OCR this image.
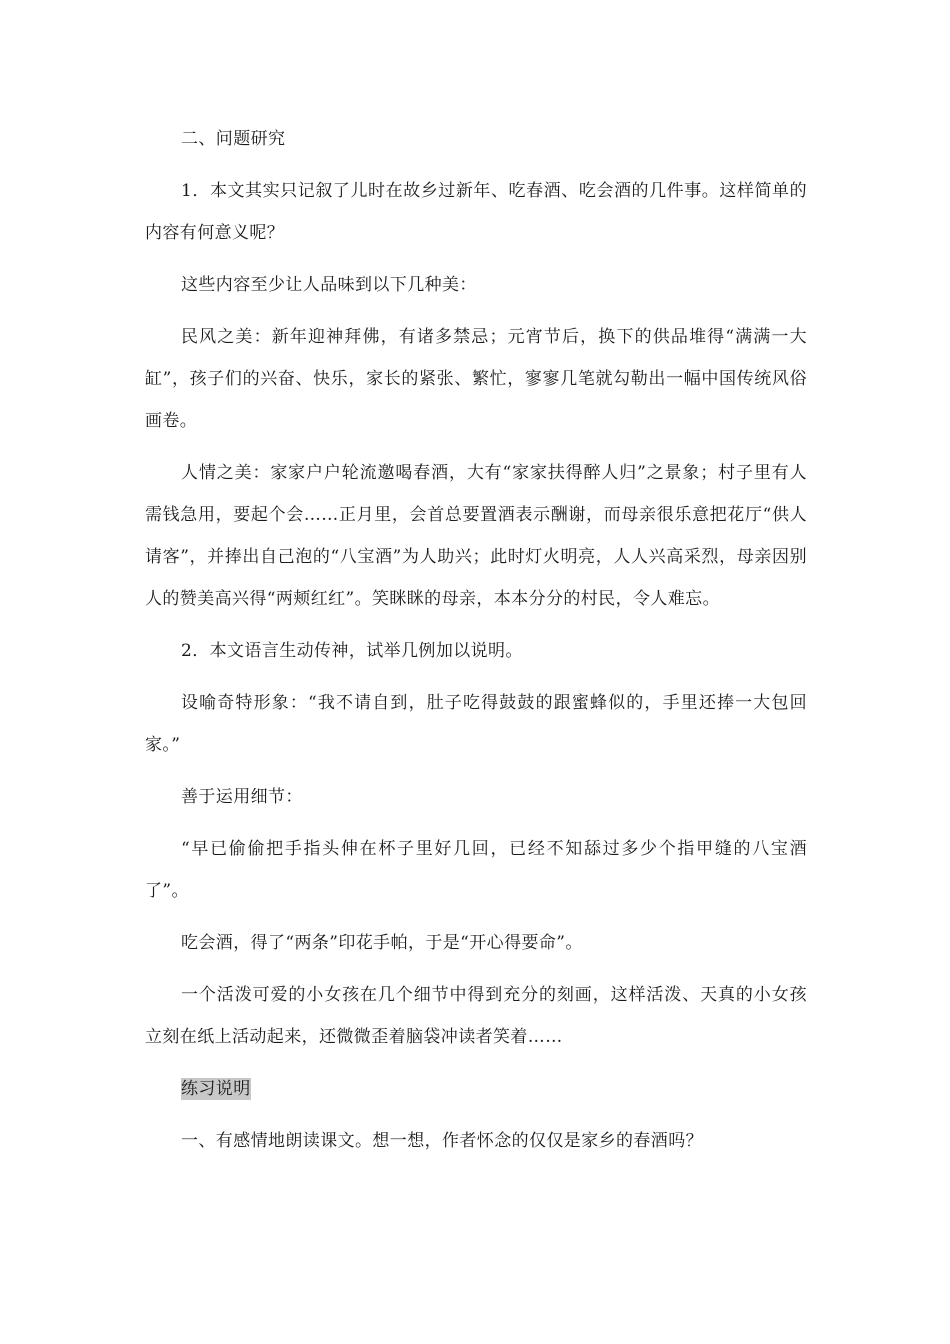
二、问题研究

1．本文其实只记叙了儿时在故乡过新年、吃春酒、吃会酒的几件事。这样简单的内容有何意义呢？

这些内容至少让人品味到以下几种美：

民风之美：新年迎神拜佛，有诸多禁忌；元宵节后，换下的供品堆得“满满一大缸”，孩子们的兴奋、快乐，家长的紧张、繁忙，寥寥几笔就勾勒出一幅中国传统风俗画卷。

人情之美：家家户户轮流邀喝春酒，大有“家家扶得醉人归”之景象；村子里有人需钱急用，要起个会……正月里，会首总要置酒表示酬谢，而母亲很乐意把花厅“供人请客”，并捧出自己泡的“八宝酒”为人助兴；此时灯火明亮，人人兴高采烈，母亲因别人的赞美高兴得“两颊红红”。笑眯眯的母亲，本本分分的村民，令人难忘。

2．本文语言生动传神，试举几例加以说明。

设喻奇特形象：“我不请自到，肚子吃得鼓鼓的跟蜜蜂似的，手里还捧一大包回家。”

善于运用细节：

“早已偷偷把手指头伸在杯子里好几回，已经不知舔过多少个指甲缝的八宝酒了”。

吃会酒，得了“两条”印花手帕，于是“开心得要命”。

一个活泼可爱的小女孩在几个细节中得到充分的刻画，这样活泼、天真的小女孩立刻在纸上活动起来，还微微歪着脑袋冲读者笑着……

练习说明

一、有感情地朗读课文。想一想，作者怀念的仅仅是家乡的春酒吗？
